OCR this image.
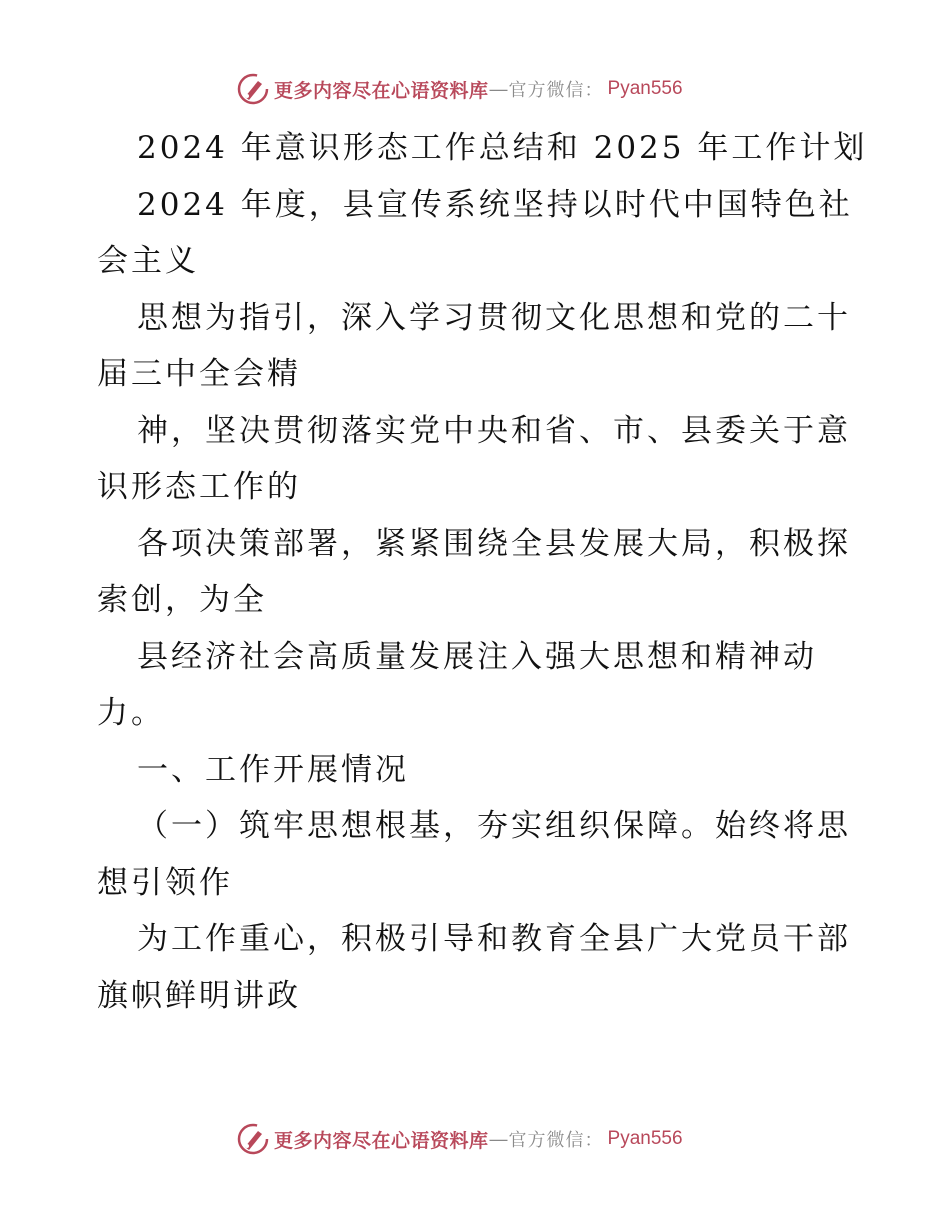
更多内容尽在心语资料库 — 官方微信： Pyan556

2024 年意识形态工作总结和 2025 年工作计划

2024 年度，县宣传系统坚持以时代中国特色社

会主义

思想为指引，深入学习贯彻文化思想和党的二十

届三中全会精

神，坚决贯彻落实党中央和省、市、县委关于意

识形态工作的

各项决策部署，紧紧围绕全县发展大局，积极探

索创，为全

县经济社会高质量发展注入强大思想和精神动

力。

一、工作开展情况

（一）筑牢思想根基，夯实组织保障。始终将思

想引领作

为工作重心，积极引导和教育全县广大党员干部

旗帜鲜明讲政

更多内容尽在心语资料库 — 官方微信： Pyan556
